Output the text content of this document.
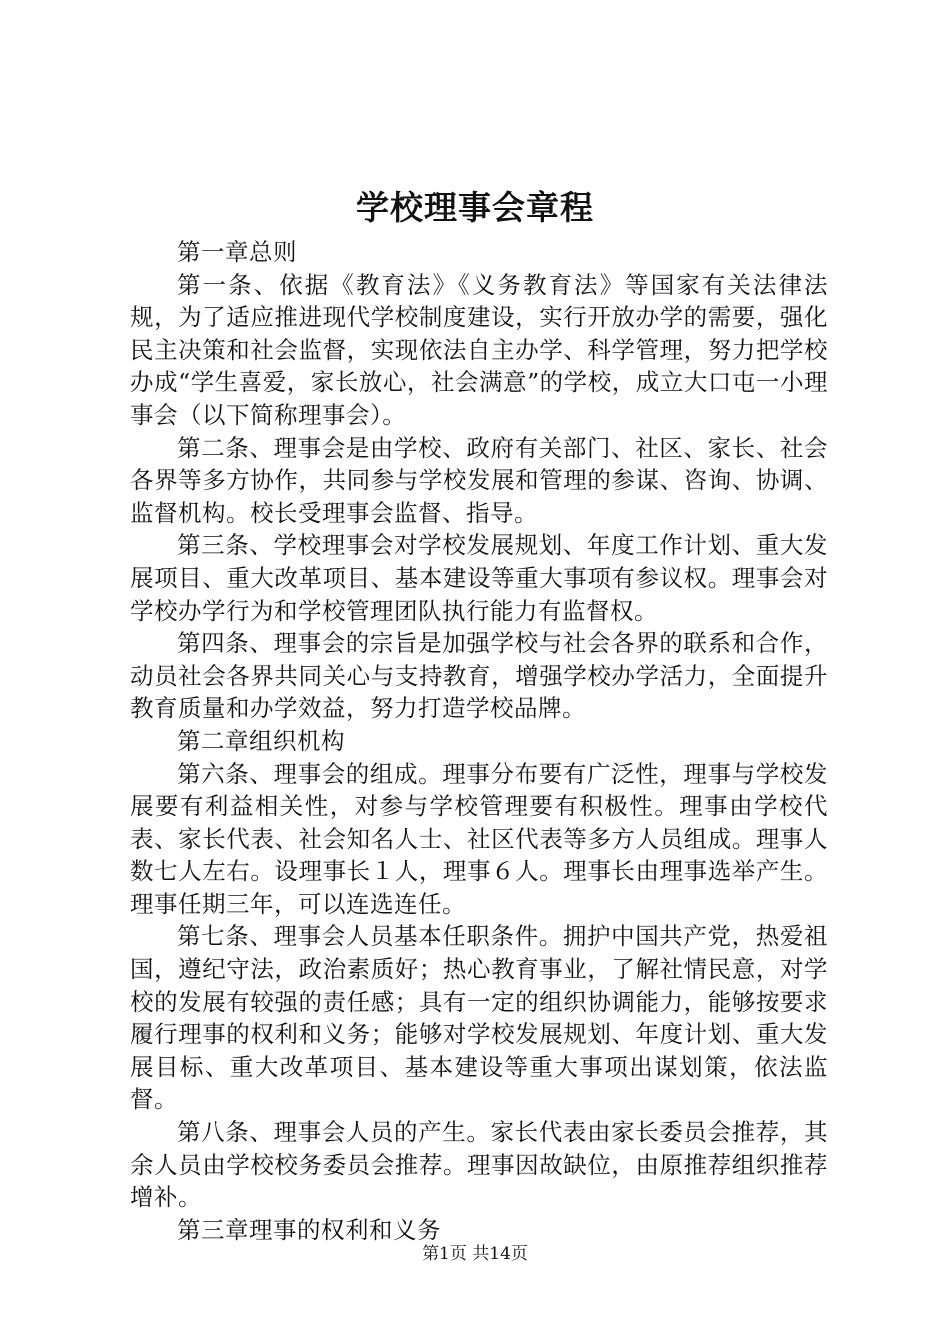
学校理事会章程

第一章总则

第一条、依据《教育法》《义务教育法》等国家有关法律法规，为了适应推进现代学校制度建设，实行开放办学的需要，强化民主决策和社会监督，实现依法自主办学、科学管理，努力把学校办成“学生喜爱，家长放心，社会满意”的学校，成立大口屯一小理事会（以下简称理事会）。

第二条、理事会是由学校、政府有关部门、社区、家长、社会各界等多方协作，共同参与学校发展和管理的参谋、咨询、协调、监督机构。校长受理事会监督、指导。

第三条、学校理事会对学校发展规划、年度工作计划、重大发展项目、重大改革项目、基本建设等重大事项有参议权。理事会对学校办学行为和学校管理团队执行能力有监督权。

第四条、理事会的宗旨是加强学校与社会各界的联系和合作，动员社会各界共同关心与支持教育，增强学校办学活力，全面提升教育质量和办学效益，努力打造学校品牌。

第二章组织机构

第六条、理事会的组成。理事分布要有广泛性，理事与学校发展要有利益相关性，对参与学校管理要有积极性。理事由学校代表、家长代表、社会知名人士、社区代表等多方人员组成。理事人数七人左右。设理事长１人，理事６人。理事长由理事选举产生。理事任期三年，可以连选连任。

第七条、理事会人员基本任职条件。拥护中国共产党，热爱祖国，遵纪守法，政治素质好；热心教育事业，了解社情民意，对学校的发展有较强的责任感；具有一定的组织协调能力，能够按要求履行理事的权利和义务；能够对学校发展规划、年度计划、重大发展目标、重大改革项目、基本建设等重大事项出谋划策，依法监督。

第八条、理事会人员的产生。家长代表由家长委员会推荐，其余人员由学校校务委员会推荐。理事因故缺位，由原推荐组织推荐增补。

第三章理事的权利和义务

第1页 共14页
